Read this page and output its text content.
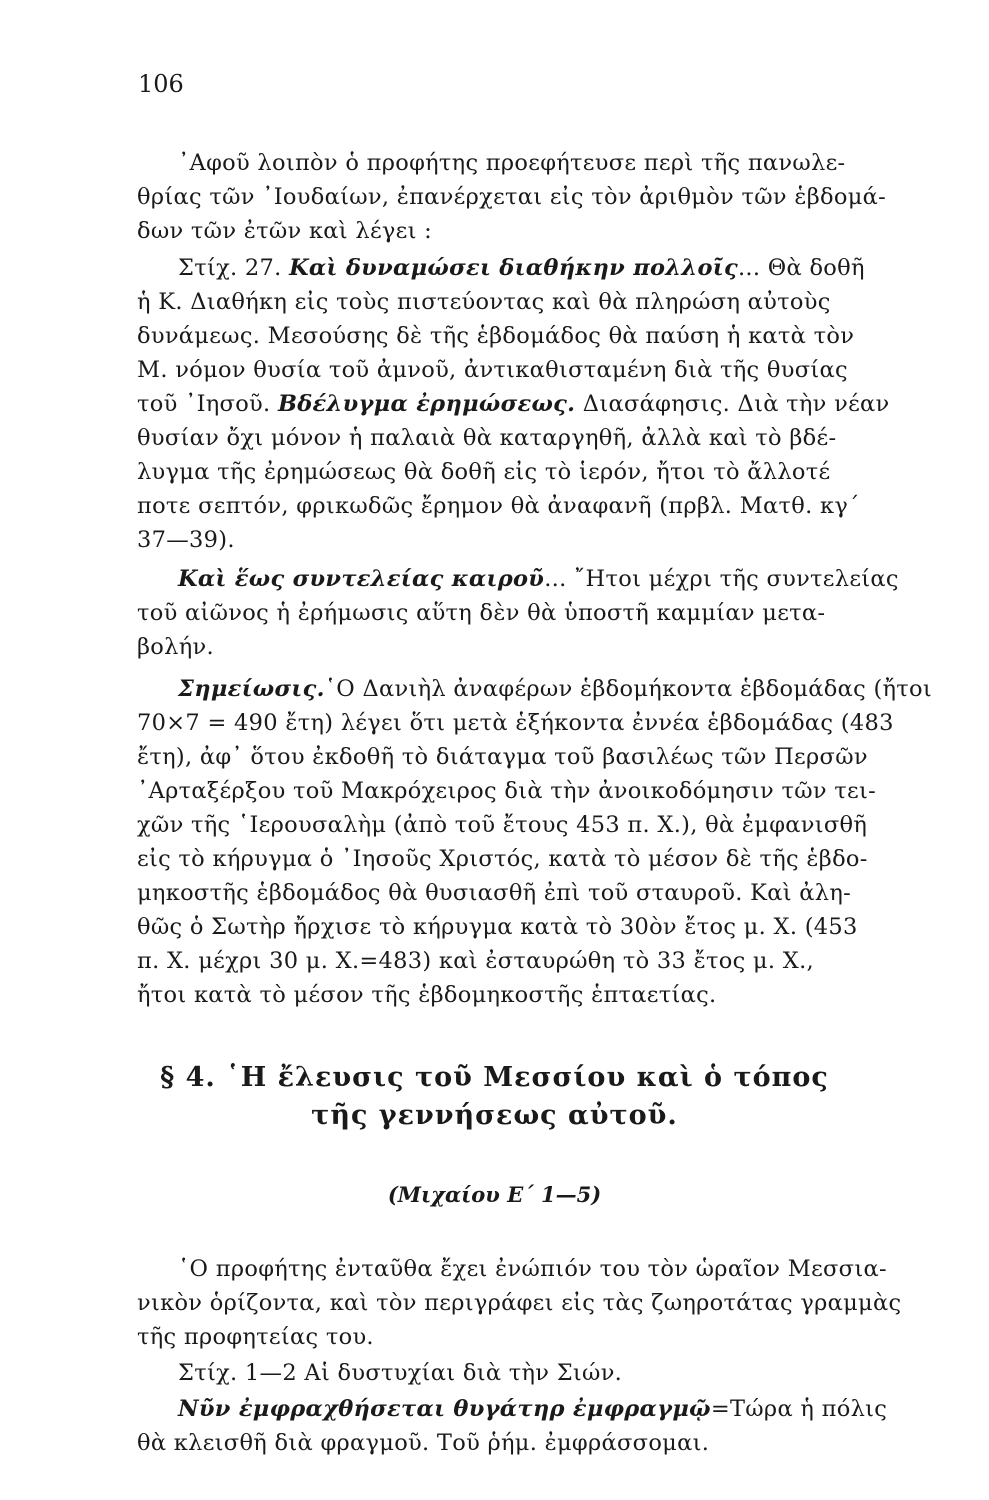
106
᾿Αφοῦ λοιπὸν ὁ προφήτης προεφήτευσε περὶ τῆς πανωλε-
θρίας τῶν ᾿Ιουδαίων, ἐπανέρχεται εἰς τὸν ἀριθμὸν τῶν ἑβδομά-
δων τῶν ἐτῶν καὶ λέγει :
Στίχ. 27. Καὶ δυναμώσει διαθήκην πολλοῖς... Θὰ δοθῆ
ἡ Κ. Διαθήκη εἰς τοὺς πιστεύοντας καὶ θὰ πληρώση αὐτοὺς
δυνάμεως. Μεσούσης δὲ τῆς ἑβδομάδος θὰ παύση ἡ κατὰ τὸν
Μ. νόμον θυσία τοῦ ἀμνοῦ, ἀντικαθισταμένη διὰ τῆς θυσίας
τοῦ ᾿Ιησοῦ. Βδέλυγμα ἐρημώσεως. Διασάφησις. Διὰ τὴν νέαν
θυσίαν ὄχι μόνον ἡ παλαιὰ θὰ καταργηθῆ, ἀλλὰ καὶ τὸ βδέ-
λυγμα τῆς ἐρημώσεως θὰ δοθῆ εἰς τὸ ἱερόν, ἤτοι τὸ ἄλλοτέ
ποτε σεπτόν, φρικωδῶς ἔρημον θὰ ἀναφανῆ (πρβλ. Ματθ. κγ΄
37—39).
Καὶ ἕως συντελείας καιροῦ... ῎Ητοι μέχρι τῆς συντελείας
τοῦ αἰῶνος ἡ ἐρήμωσις αὕτη δὲν θὰ ὑποστῆ καμμίαν μετα-
βολήν.
Σημείωσις.῾Ο Δανιὴλ ἀναφέρων ἑβδομήκοντα ἑβδομάδας (ἤτοι
70×7 = 490 ἔτη) λέγει ὅτι μετὰ ἑξήκοντα ἐννέα ἑβδομάδας (483
ἔτη), ἀφ᾿ ὅτου ἐκδοθῆ τὸ διάταγμα τοῦ βασιλέως τῶν Περσῶν
᾿Αρταξέρξου τοῦ Μακρόχειρος διὰ τὴν ἀνοικοδόμησιν τῶν τει-
χῶν τῆς ῾Ιερουσαλὴμ (ἀπὸ τοῦ ἔτους 453 π. Χ.), θὰ ἐμφανισθῆ
εἰς τὸ κήρυγμα ὁ ᾿Ιησοῦς Χριστός, κατὰ τὸ μέσον δὲ τῆς ἑβδο-
μηκοστῆς ἑβδομάδος θὰ θυσιασθῆ ἐπὶ τοῦ σταυροῦ. Καὶ ἀλη-
θῶς ὁ Σωτὴρ ἤρχισε τὸ κήρυγμα κατὰ τὸ 30ὸν ἔτος μ. Χ. (453
π. Χ. μέχρι 30 μ. Χ.=483) καὶ ἐσταυρώθη τὸ 33 ἔτος μ. Χ.,
ἤτοι κατὰ τὸ μέσον τῆς ἑβδομηκοστῆς ἑπταετίας.
§ 4. ῾Η ἔλευσις τοῦ Μεσσίου καὶ ὁ τόπος
τῆς γεννήσεως αὐτοῦ.
(Μιχαίου Ε΄ 1—5)
῾Ο προφήτης ἐνταῦθα ἔχει ἐνώπιόν του τὸν ὡραῖον Μεσσια-
νικὸν ὁρίζοντα, καὶ τὸν περιγράφει εἰς τὰς ζωηροτάτας γραμμὰς
τῆς προφητείας του.
Στίχ. 1—2 Αἱ δυστυχίαι διὰ τὴν Σιών.
Νῦν ἐμφραχθήσεται θυγάτηρ ἐμφραγμῷ=Τώρα ἡ πόλις
θὰ κλεισθῆ διὰ φραγμοῦ. Τοῦ ῥήμ. ἐμφράσσομαι.
